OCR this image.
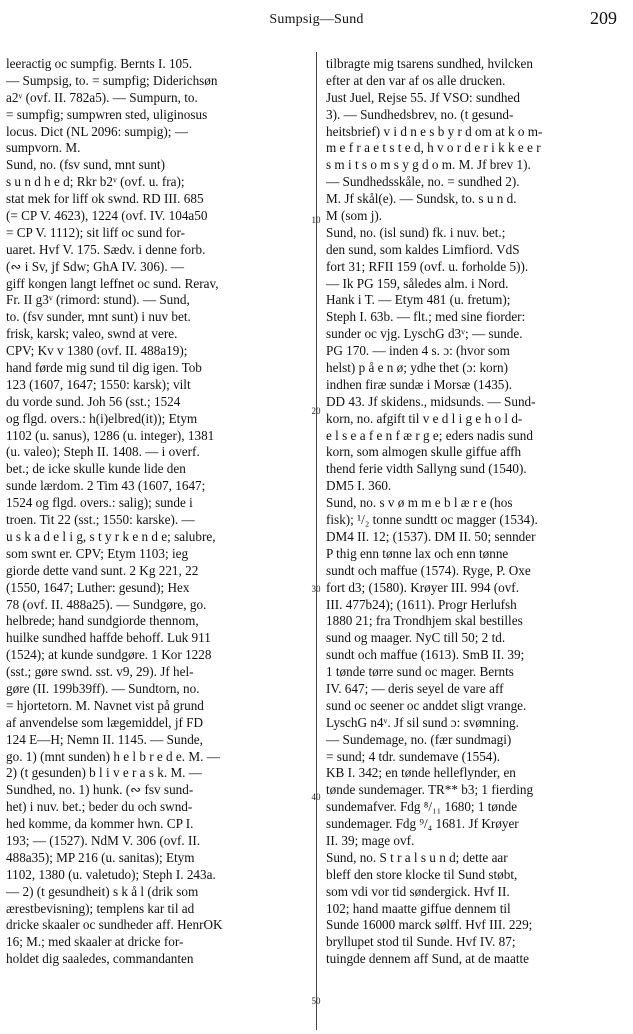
Sumpsig—Sund	209
10
20
30
40
50
leeractig oc sumpfig. Bernts I. 105.
— Sumpsig, to. = sumpfig; Diderichsøn
a2ᵛ (ovf. II. 782a5). — Sumpurn, to.
= sumpfig; sumpwren sted, uliginosus
locus. Dict (NL 2096: sumpig); —
sumpvorn. M.
Sund, no. (fsv sund, mnt sunt)
s u n d h e d; Rkr b2ᵛ (ovf. u. fra);
stat mek for liff ok swnd. RD III. 685
(= CP V. 4623), 1224 (ovf. IV. 104a50
= CP V. 1112); sit liff oc sund for-
uaret. Hvf V. 175. Sædv. i denne forb.
(∾ i Sv, jf Sdw; GhA IV. 306). —
giff kongen langt leffnet oc sund. Rerav,
Fr. II g3ᵛ (rimord: stund). — Sund,
to. (fsv sunder, mnt sunt) i nuv bet.
frisk, karsk; valeo, swnd at vere.
CPV; Kv v 1380 (ovf. II. 488a19);
hand førde mig sund til dig igen. Tob
123 (1607, 1647; 1550: karsk); vilt
du vorde sund. Joh 56 (sst.; 1524
og flgd. overs.: h(i)elbred(it)); Etym
1102 (u. sanus), 1286 (u. integer), 1381
(u. valeo); Steph II. 1408. — i overf.
bet.; de icke skulle kunde lide den
sunde lærdom. 2 Tim 43 (1607, 1647;
1524 og flgd. overs.: salig); sunde i
troen. Tit 22 (sst.; 1550: karske). —
u s k a d e l i g, s t y r k e n d e; salubre,
som swnt er. CPV; Etym 1103; ieg
giorde dette vand sunt. 2 Kg 221, 22
(1550, 1647; Luther: gesund); Hex
78 (ovf. II. 488a25). — Sundgøre, go.
helbrede; hand sundgiorde thennom,
huilke sundhed haffde behoff. Luk 911
(1524); at kunde sundgøre. 1 Kor 1228
(sst.; gøre swnd. sst. v9, 29). Jf hel-
gøre (II. 199b39ff). — Sundtorn, no.
= hjortetorn. M. Navnet vist på grund
af anvendelse som lægemiddel, jf FD
124 E—H; Nemn II. 1145. — Sunde,
go. 1) (mnt sunden) h e l b r e d e. M. —
2) (t gesunden) b l i v e r a s k. M. —
Sundhed, no. 1) hunk. (∾ fsv sund-
het) i nuv. bet.; beder du och swnd-
hed komme, da kommer hwn. CP I.
193; — (1527). NdM V. 306 (ovf. II.
488a35); MP 216 (u. sanitas); Etym
1102, 1380 (u. valetudo); Steph I. 243a.
— 2) (t gesundheit) s k å l (drik som
ærestbevisning); templens kar til ad
dricke skaaler oc sundheder aff. HenrOK
16; M.; med skaaler at dricke for-
holdet dig saaledes, commandanten
tilbragte mig tsarens sundhed, hvilcken
efter at den var af os alle drucken.
Just Juel, Rejse 55. Jf VSO: sundhed
3). — Sundhedsbrev, no. (t gesund-
heitsbrief) v i d n e s b y r d om at k o m-
m e f r a e t s t e d, h v o r d e r i k k e e r
s m i t s o m s y g d o m. M. Jf brev 1).
— Sundhedsskåle, no. = sundhed 2).
M. Jf skål(e). — Sundsk, to. s u n d.
M (som j).
Sund, no. (isl sund) fk. i nuv. bet.;
den sund, som kaldes Limfiord. VdS
fort 31; RFII 159 (ovf. u. forholde 5)).
— Ik PG 159, således alm. i Nord.
Hank i T. — Etym 481 (u. fretum);
Steph I. 63b. — flt.; med sine fiorder:
sunder oc vjg. LyschG d3ᵛ; — sunde.
PG 170. — inden 4 s. ɔ: (hvor som
helst) p å e n ø; ydhe thet (ɔ: korn)
indhen firæ sundæ i Morsæ (1435).
DD 43. Jf skidens., midsunds. — Sund-
korn, no. afgift til v e d l i g e h o l d-
e l s e a f e n f æ r g e; eders nadis sund
korn, som almogen skulle giffue affh
thend ferie vidth Sallyng sund (1540).
DM5 I. 360.
Sund, no. s v ø m m e b l æ r e (hos
fisk); ¹/₂ tonne sundtt oc magger (1534).
DM4 II. 12; (1537). DM II. 50; sennder
P thig enn tønne lax och enn tønne
sundt och maffue (1574). Ryge, P. Oxe
fort d3; (1580). Krøyer III. 994 (ovf.
III. 477b24); (1611). Progr Herlufsh
1880 21; fra Trondhjem skal bestilles
sund og maager. NyC till 50; 2 td.
sundt och maffue (1613). SmB II. 39;
1 tønde tørre sund oc mager. Bernts
IV. 647; — deris seyel de vare aff
sund oc seener oc anddet sligt vrange.
LyschG n4ᵛ. Jf sil sund ɔ: svømning.
— Sundemage, no. (fær sundmagi)
= sund; 4 tdr. sundemave (1554).
KB I. 342; en tønde helleflynder, en
tønde sundemager. TR** b3; 1 fierding
sundemafver. Fdg ⁸/₁₁ 1680; 1 tønde
sundemager. Fdg ⁹/₄ 1681. Jf Krøyer
II. 39; mage ovf.
Sund, no. S t r a l s u n d; dette aar
bleff den store klocke til Sund støbt,
som vdi vor tid søndergick. Hvf II.
102; hand maatte giffue dennem til
Sunde 16000 marck sølff. Hvf III. 229;
bryllupet stod til Sunde. Hvf IV. 87;
tuingde dennem aff Sund, at de maatte
